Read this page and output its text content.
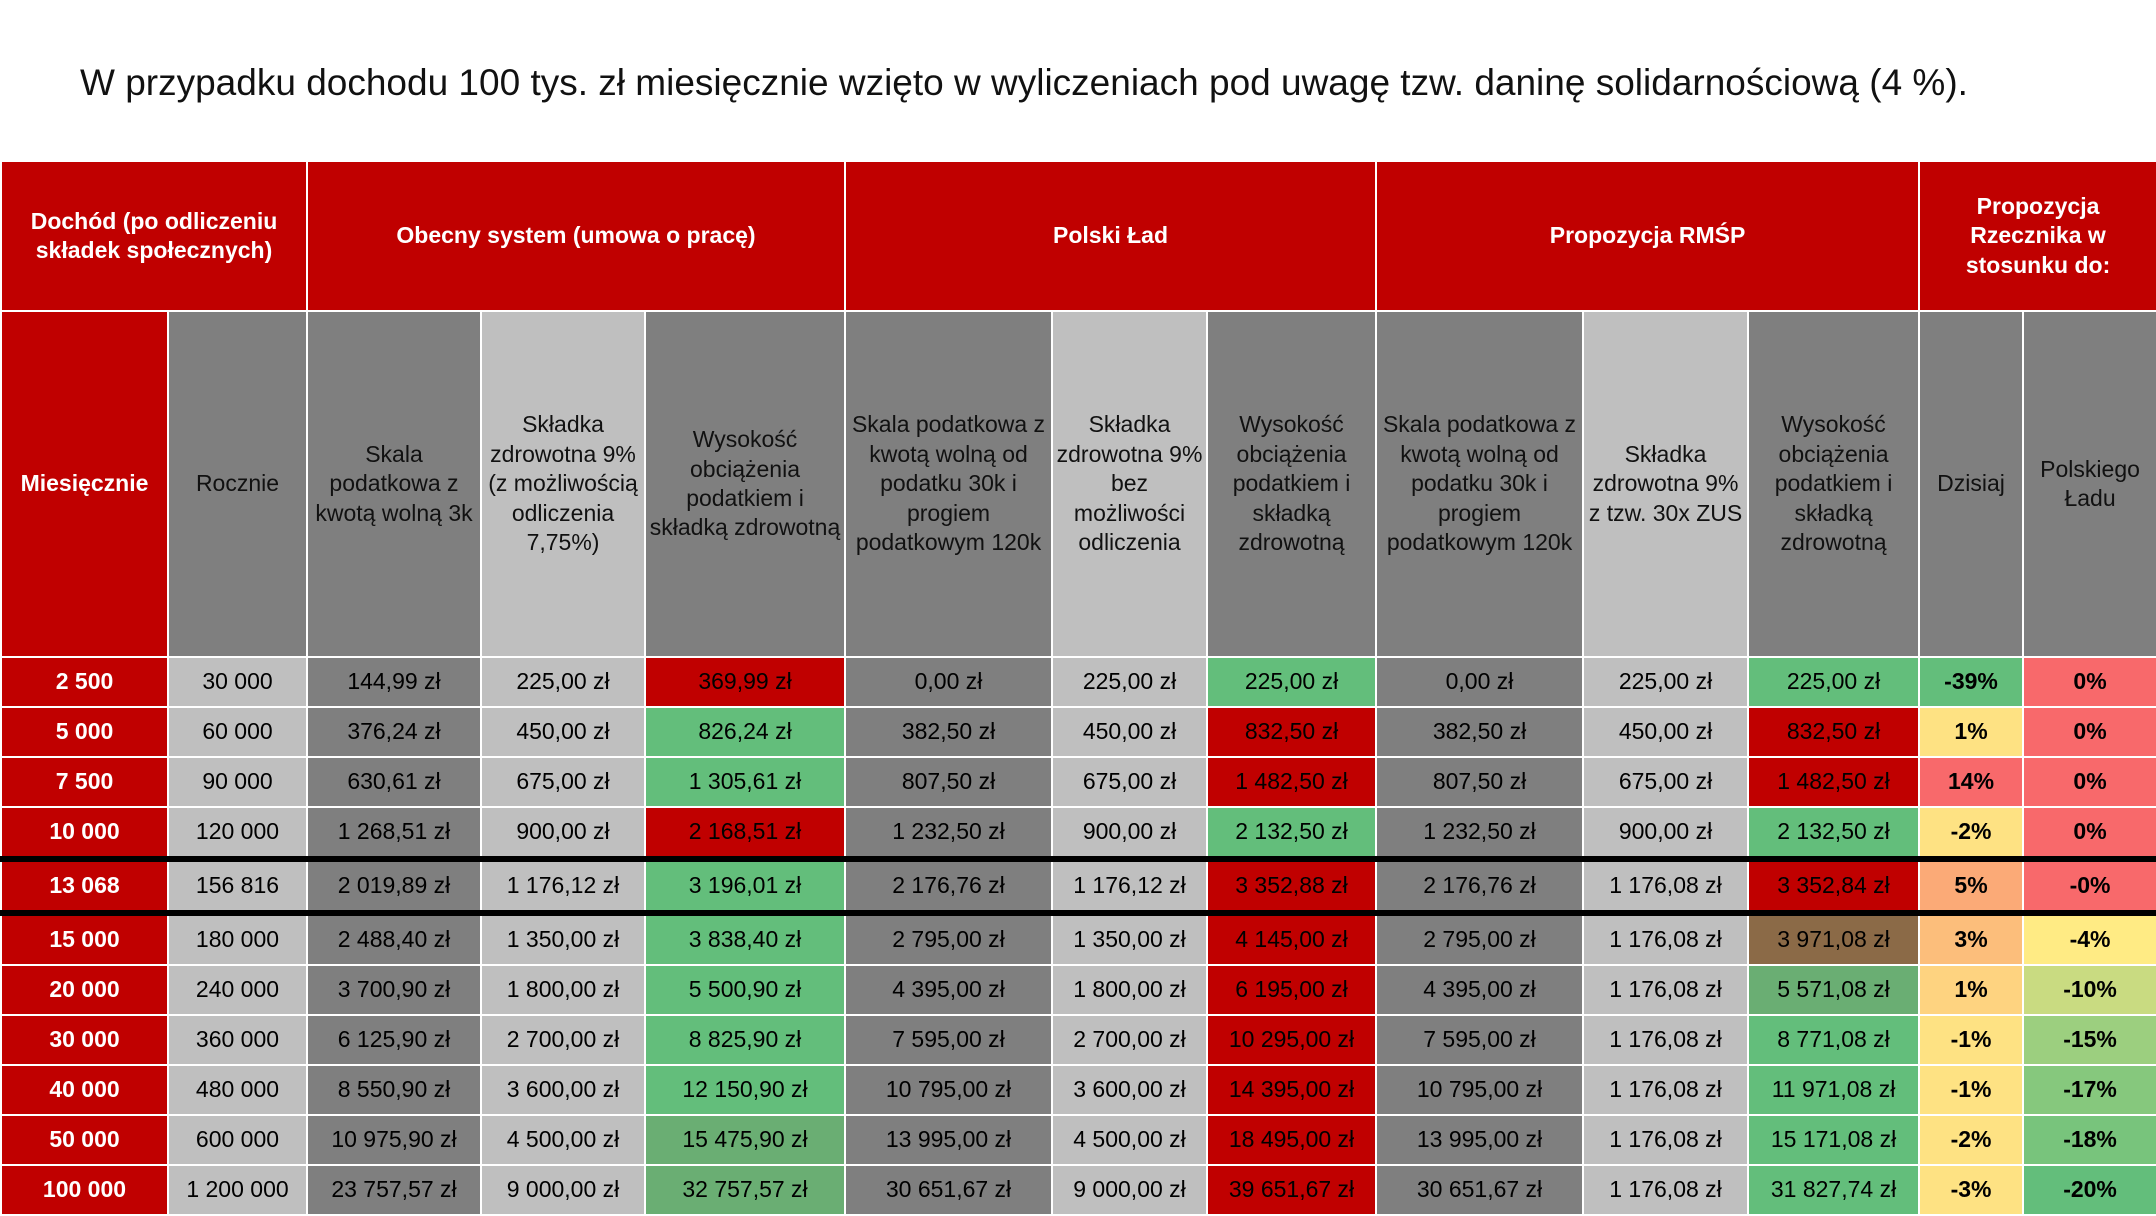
W przypadku dochodu 100 tys. zł miesięcznie wzięto w wyliczeniach pod uwagę tzw. daninę solidarnościową (4 %).
Dochód (po odliczeniu składek społecznych)		Obecny system (umowa o pracę)			Polski Ład			Propozycja RMŚP			Propozycja Rzecznika w stosunku do:	
Miesięcznie	Rocznie	Skala podatkowa z kwotą wolną 3k	Składka zdrowotna 9% (z możliwością odliczenia 7,75%)	Wysokość obciążenia podatkiem i składką zdrowotną	Skala podatkowa z kwotą wolną od podatku 30k i progiem podatkowym 120k	Składka zdrowotna 9% bez możliwości odliczenia	Wysokość obciążenia podatkiem i składką zdrowotną	Skala podatkowa z kwotą wolną od podatku 30k i progiem podatkowym 120k	Składka zdrowotna 9% z tzw. 30x ZUS	Wysokość obciążenia podatkiem i składką zdrowotną	Dzisiaj	Polskiego Ładu
2 500	30 000	144,99 zł	225,00 zł	369,99 zł	0,00 zł	225,00 zł	225,00 zł	0,00 zł	225,00 zł	225,00 zł	-39%	0%
5 000	60 000	376,24 zł	450,00 zł	826,24 zł	382,50 zł	450,00 zł	832,50 zł	382,50 zł	450,00 zł	832,50 zł	1%	0%
7 500	90 000	630,61 zł	675,00 zł	1 305,61 zł	807,50 zł	675,00 zł	1 482,50 zł	807,50 zł	675,00 zł	1 482,50 zł	14%	0%
10 000	120 000	1 268,51 zł	900,00 zł	2 168,51 zł	1 232,50 zł	900,00 zł	2 132,50 zł	1 232,50 zł	900,00 zł	2 132,50 zł	-2%	0%
13 068	156 816	2 019,89 zł	1 176,12 zł	3 196,01 zł	2 176,76 zł	1 176,12 zł	3 352,88 zł	2 176,76 zł	1 176,08 zł	3 352,84 zł	5%	-0%
15 000	180 000	2 488,40 zł	1 350,00 zł	3 838,40 zł	2 795,00 zł	1 350,00 zł	4 145,00 zł	2 795,00 zł	1 176,08 zł	3 971,08 zł	3%	-4%
20 000	240 000	3 700,90 zł	1 800,00 zł	5 500,90 zł	4 395,00 zł	1 800,00 zł	6 195,00 zł	4 395,00 zł	1 176,08 zł	5 571,08 zł	1%	-10%
30 000	360 000	6 125,90 zł	2 700,00 zł	8 825,90 zł	7 595,00 zł	2 700,00 zł	10 295,00 zł	7 595,00 zł	1 176,08 zł	8 771,08 zł	-1%	-15%
40 000	480 000	8 550,90 zł	3 600,00 zł	12 150,90 zł	10 795,00 zł	3 600,00 zł	14 395,00 zł	10 795,00 zł	1 176,08 zł	11 971,08 zł	-1%	-17%
50 000	600 000	10 975,90 zł	4 500,00 zł	15 475,90 zł	13 995,00 zł	4 500,00 zł	18 495,00 zł	13 995,00 zł	1 176,08 zł	15 171,08 zł	-2%	-18%
100 000	1 200 000	23 757,57 zł	9 000,00 zł	32 757,57 zł	30 651,67 zł	9 000,00 zł	39 651,67 zł	30 651,67 zł	1 176,08 zł	31 827,74 zł	-3%	-20%
